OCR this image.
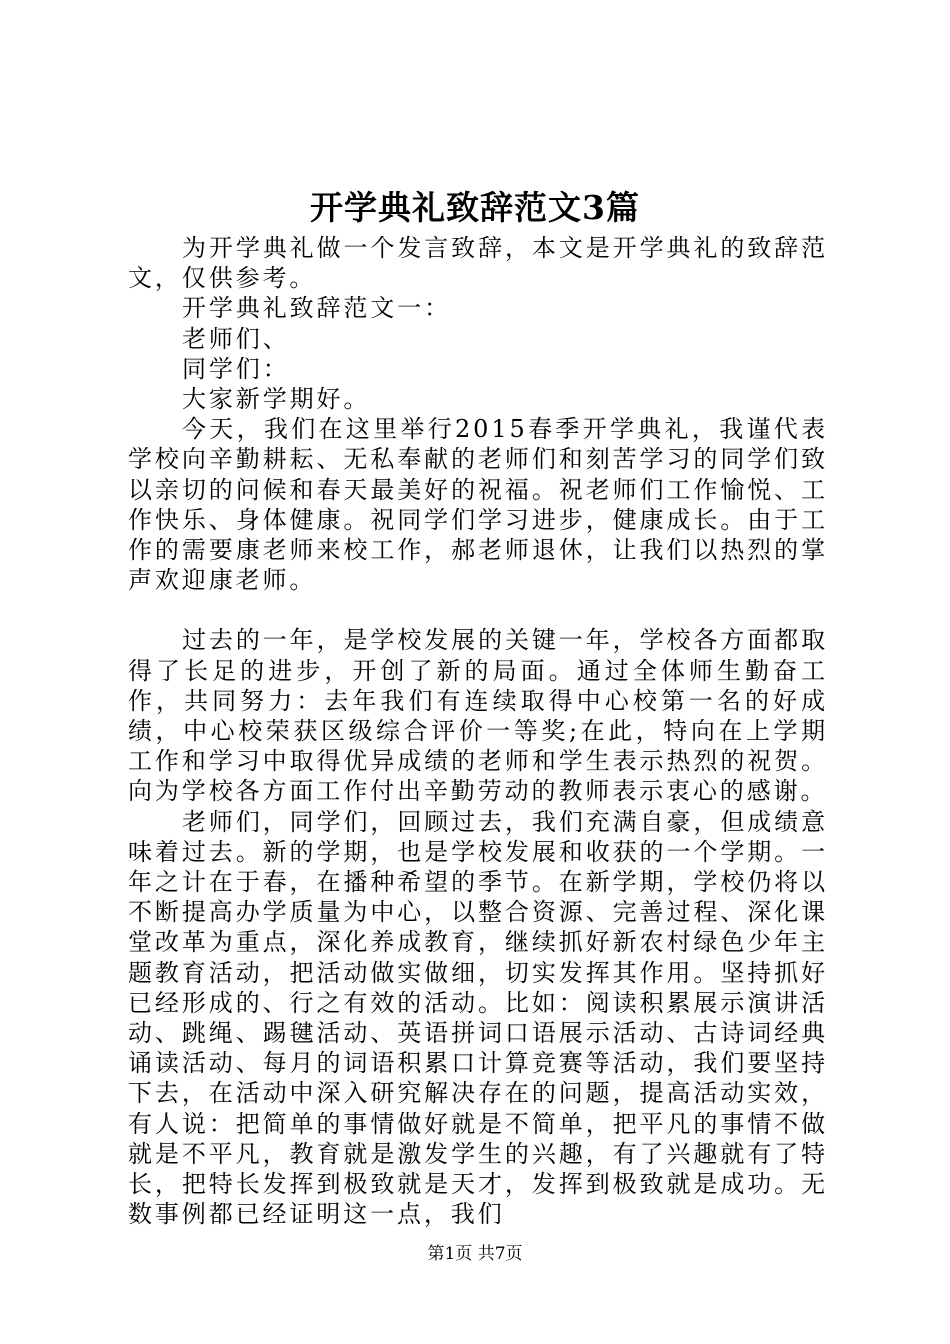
开学典礼致辞范文3篇

为开学典礼做一个发言致辞，本文是开学典礼的致辞范文，仅供参考。

开学典礼致辞范文一：

老师们、

同学们：

大家新学期好。

今天，我们在这里举行2015春季开学典礼，我谨代表学校向辛勤耕耘、无私奉献的老师们和刻苦学习的同学们致以亲切的问候和春天最美好的祝福。祝老师们工作愉悦、工作快乐、身体健康。祝同学们学习进步，健康成长。由于工作的需要康老师来校工作，郝老师退休，让我们以热烈的掌声欢迎康老师。

过去的一年，是学校发展的关键一年，学校各方面都取得了长足的进步，开创了新的局面。通过全体师生勤奋工作，共同努力：去年我们有连续取得中心校第一名的好成绩，中心校荣获区级综合评价一等奖;在此，特向在上学期工作和学习中取得优异成绩的老师和学生表示热烈的祝贺。向为学校各方面工作付出辛勤劳动的教师表示衷心的感谢。

老师们，同学们，回顾过去，我们充满自豪，但成绩意味着过去。新的学期，也是学校发展和收获的一个学期。一年之计在于春，在播种希望的季节。在新学期，学校仍将以不断提高办学质量为中心，以整合资源、完善过程、深化课堂改革为重点，深化养成教育，继续抓好新农村绿色少年主题教育活动，把活动做实做细，切实发挥其作用。坚持抓好已经形成的、行之有效的活动。比如：阅读积累展示演讲活动、跳绳、踢毽活动、英语拼词口语展示活动、古诗词经典诵读活动、每月的词语积累口计算竞赛等活动，我们要坚持下去，在活动中深入研究解决存在的问题，提高活动实效，有人说：把简单的事情做好就是不简单，把平凡的事情不做就是不平凡，教育就是激发学生的兴趣，有了兴趣就有了特长，把特长发挥到极致就是天才，发挥到极致就是成功。无数事例都已经证明这一点，我们

第1页 共7页
